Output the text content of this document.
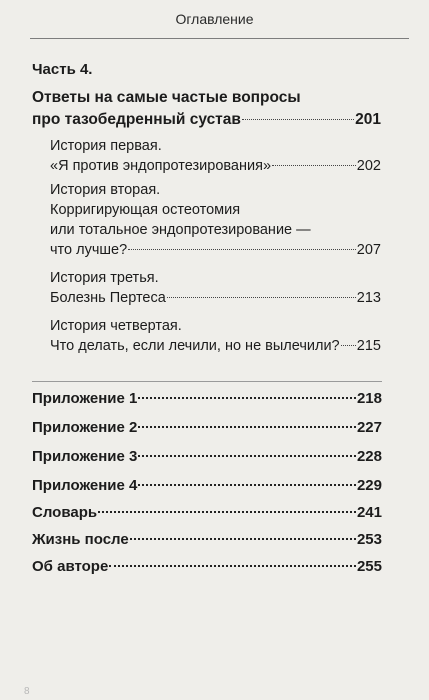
Оглавление
Часть 4.
Ответы на самые частые вопросы
про тазобедренный сустав	201
История первая.
«Я против эндопротезирования»	202
История вторая.
Корригирующая остеотомия
или тотальное эндопротезирование —
что лучше?	207
История третья.
Болезнь Пертеса	213
История четвертая.
Что делать, если лечили, но не вылечили? 215
Приложение 1	218
Приложение 2	227
Приложение 3	228
Приложение 4	229
Словарь	241
Жизнь после	253
Об авторе	255
8
